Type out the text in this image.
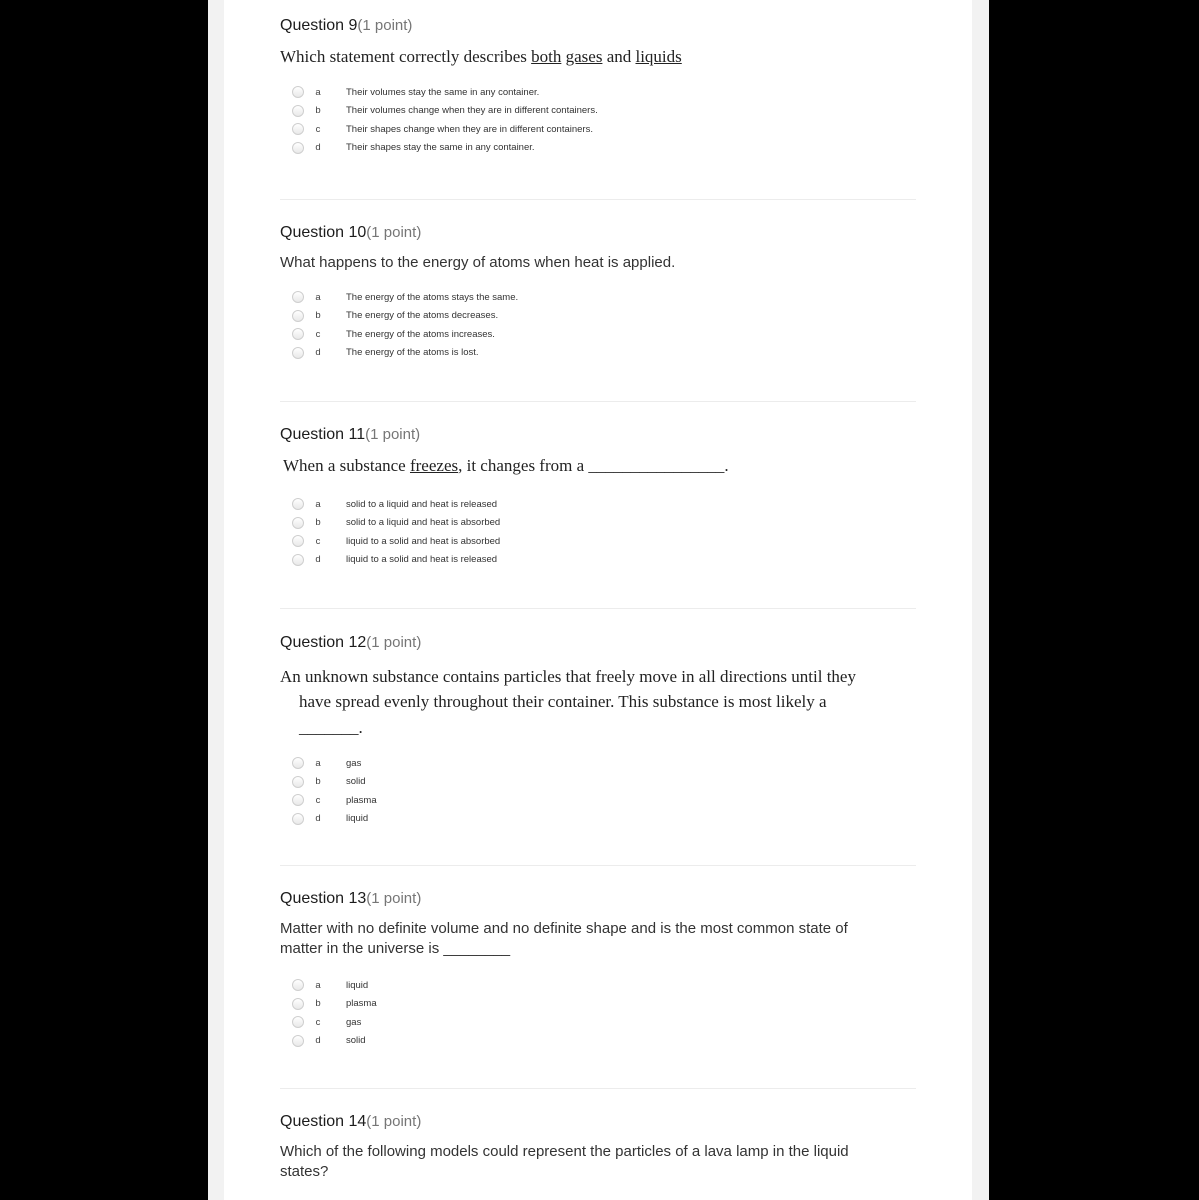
Question 9(1 point)
Which statement correctly describes both gases and liquids
a	Their volumes stay the same in any container.
b	Their volumes change when they are in different containers.
c	Their shapes change when they are in different containers.
d	Their shapes stay the same in any container.
Question 10(1 point)
What happens to the energy of atoms when heat is applied.
a	The energy of the atoms stays the same.
b	The energy of the atoms decreases.
c	The energy of the atoms increases.
d	The energy of the atoms is lost.
Question 11(1 point)
When a substance freezes, it changes from a ________________.
a	solid to a liquid and heat is released
b	solid to a liquid and heat is absorbed
c	liquid to a solid and heat is absorbed
d	liquid to a solid and heat is released
Question 12(1 point)
An unknown substance contains particles that freely move in all directions until they
have spread evenly throughout their container. This substance is most likely a
_______.
a	gas
b	solid
c	plasma
d	liquid
Question 13(1 point)
Matter with no definite volume and no definite shape and is the most common state of
matter in the universe is ________
a	liquid
b	plasma
c	gas
d	solid
Question 14(1 point)
Which of the following models could represent the particles of a lava lamp in the liquid
states?
